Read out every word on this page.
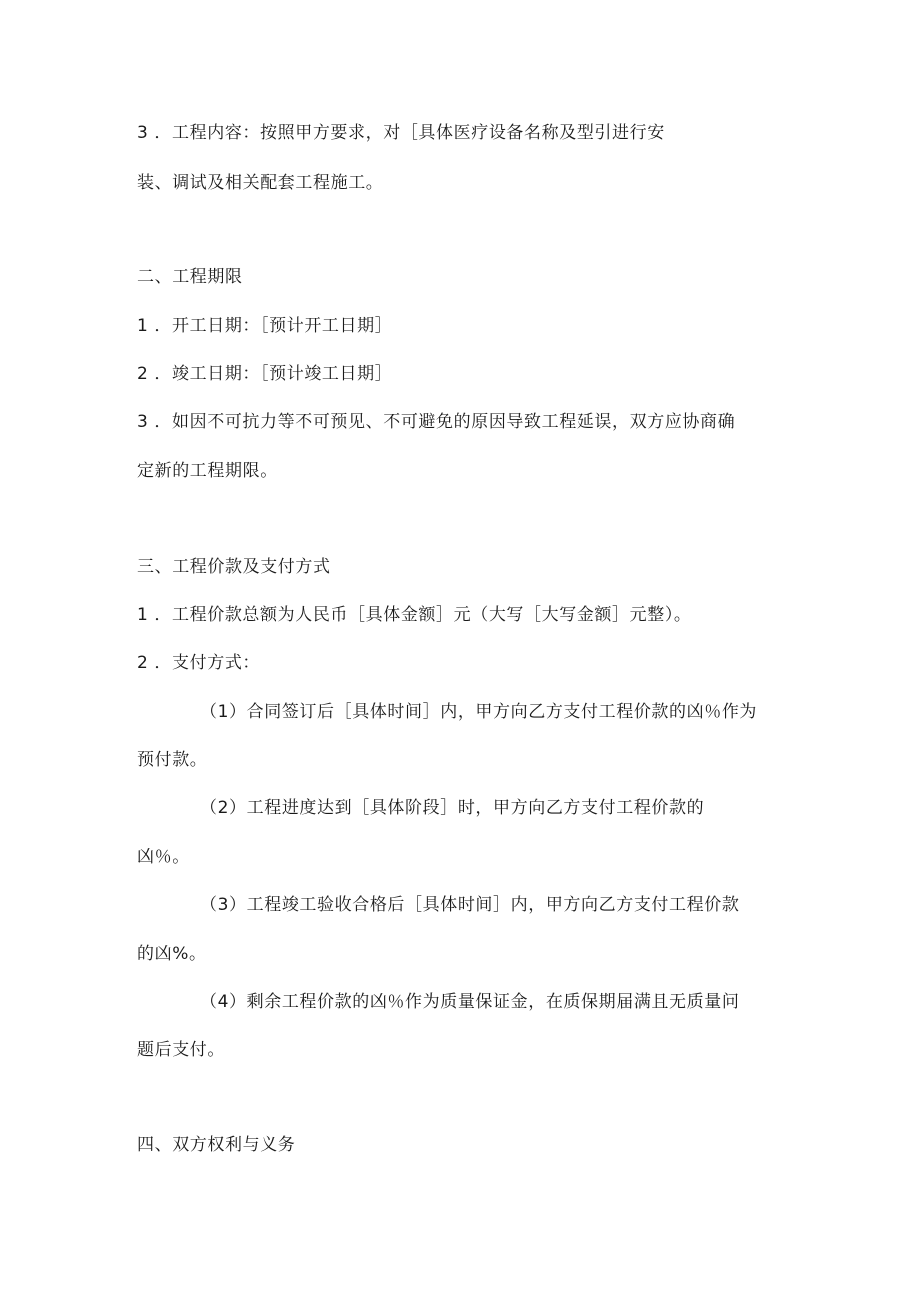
3 ．工程内容：按照甲方要求，对［具体医疗设备名称及型引进行安
装、调试及相关配套工程施工。
二、工程期限
1 ．开工日期：［预计开工日期］
2 ．竣工日期：［预计竣工日期］
3 ．如因不可抗力等不可预见、不可避免的原因导致工程延误，双方应协商确
定新的工程期限。
三、工程价款及支付方式
1 ．工程价款总额为人民币［具体金额］元（大写［大写金额］元整）。
2 ．支付方式：
（1）合同签订后［具体时间］内，甲方向乙方支付工程价款的凶％作为
预付款。
（2）工程进度达到［具体阶段］时，甲方向乙方支付工程价款的
凶％。
（3）工程竣工验收合格后［具体时间］内，甲方向乙方支付工程价款
的凶%。
（4）剩余工程价款的凶％作为质量保证金，在质保期届满且无质量问
题后支付。
四、双方权利与义务
